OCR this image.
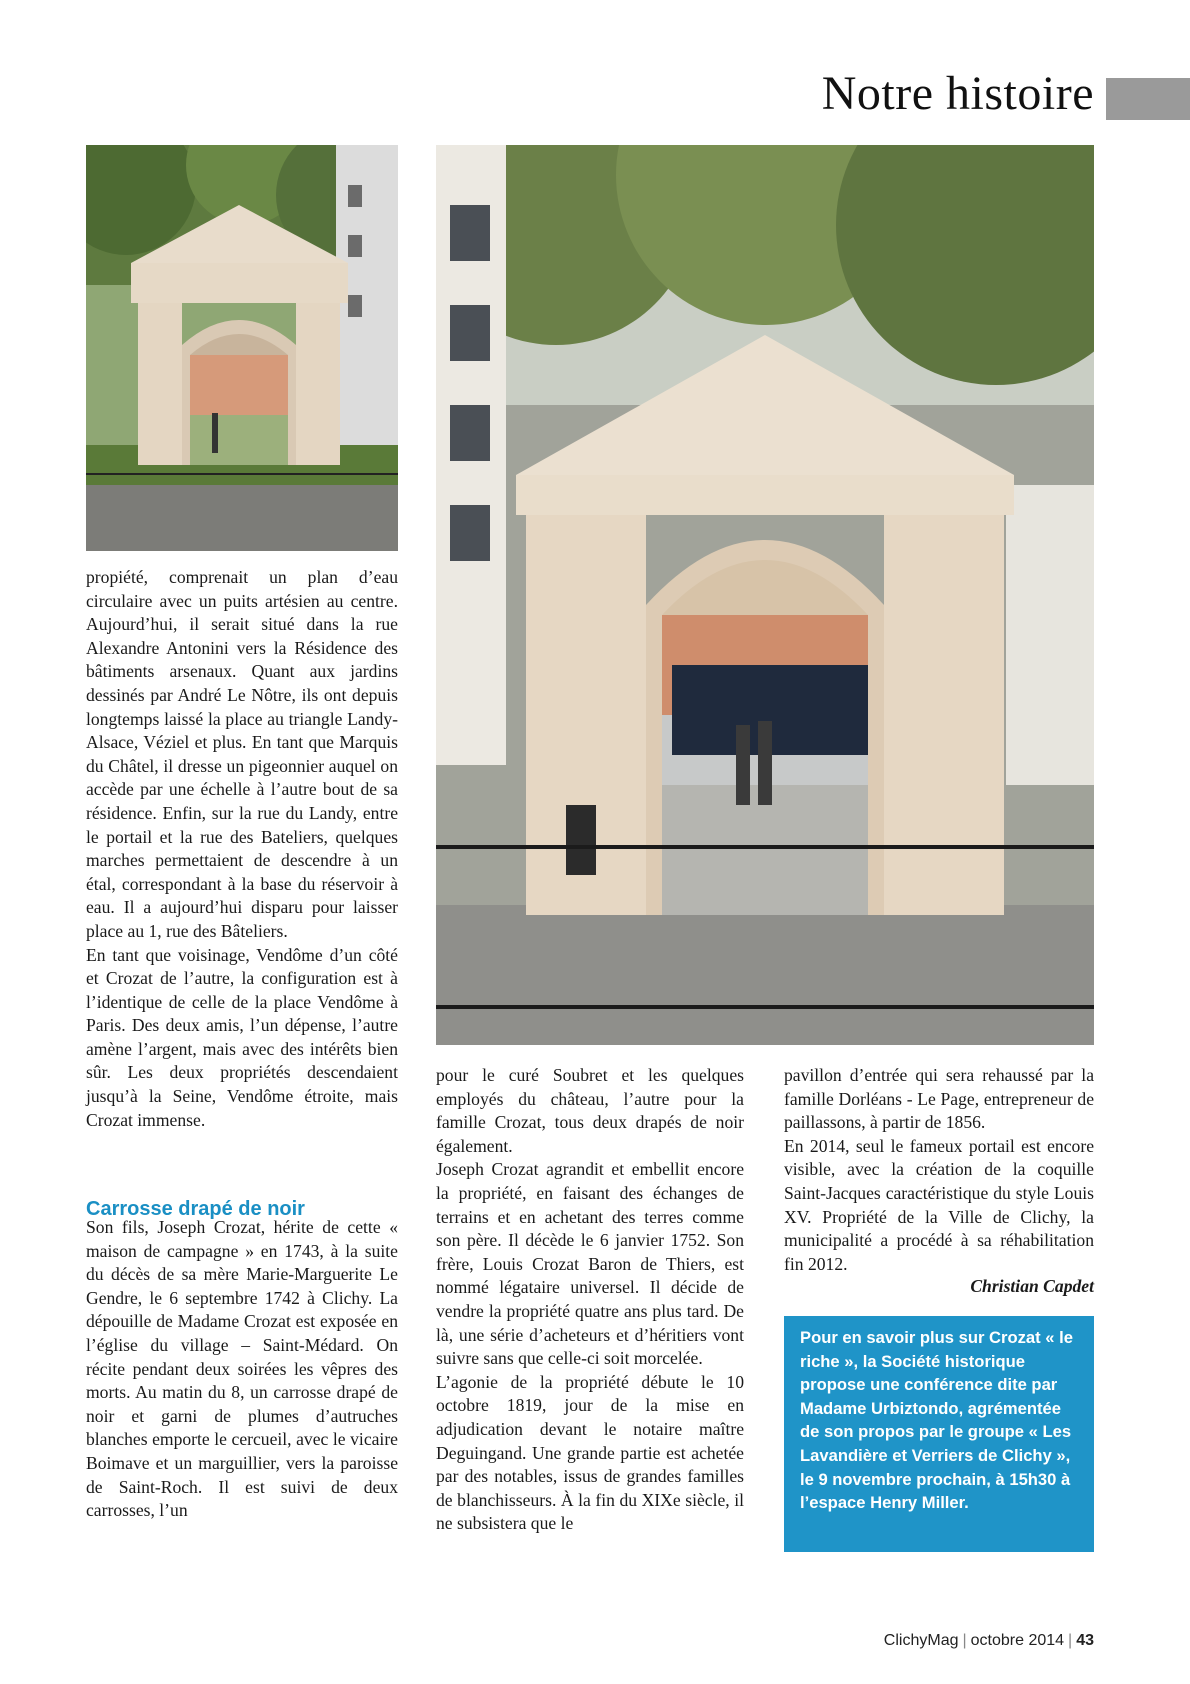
Notre histoire

propiété, comprenait un plan d’eau circulaire avec un puits artésien au centre. Aujourd’hui, il serait situé dans la rue Alexandre Antonini vers la Résidence des bâtiments arsenaux. Quant aux jardins dessinés par André Le Nôtre, ils ont depuis longtemps laissé la place au triangle Landy-Alsace, Véziel et plus. En tant que Marquis du Châtel, il dresse un pigeonnier auquel on accède par une échelle à l’autre bout de sa résidence. Enfin, sur la rue du Landy, entre le portail et la rue des Bateliers, quelques marches permettaient de descendre à un étal, correspondant à la base du réservoir à eau. Il a aujourd’hui disparu pour laisser place au 1, rue des Bâteliers.

En tant que voisinage, Vendôme d’un côté et Crozat de l’autre, la configuration est à l’identique de celle de la place Vendôme à Paris. Des deux amis, l’un dépense, l’autre amène l’argent, mais avec des intérêts bien sûr. Les deux propriétés descendaient jusqu’à la Seine, Vendôme étroite, mais Crozat immense.

Carrosse drapé de noir

Son fils, Joseph Crozat, hérite de cette « maison de campagne » en 1743, à la suite du décès de sa mère Marie-Marguerite Le Gendre, le 6 septembre 1742 à Clichy. La dépouille de Madame Crozat est exposée en l’église du village – Saint-Médard. On récite pendant deux soirées les vêpres des morts. Au matin du 8, un carrosse drapé de noir et garni de plumes d’autruches blanches emporte le cercueil, avec le vicaire Boimave et un marguillier, vers la paroisse de Saint-Roch. Il est suivi de deux carrosses, l’un

pour le curé Soubret et les quelques employés du château, l’autre pour la famille Crozat, tous deux drapés de noir également.

Joseph Crozat agrandit et embellit encore la propriété, en faisant des échanges de terrains et en achetant des terres comme son père. Il décède le 6 janvier 1752. Son frère, Louis Crozat Baron de Thiers, est nommé légataire universel. Il décide de vendre la propriété quatre ans plus tard. De là, une série d’acheteurs et d’héritiers vont suivre sans que celle-ci soit morcelée.

L’agonie de la propriété débute le 10 octobre 1819, jour de la mise en adjudication devant le notaire maître Deguingand. Une grande partie est achetée par des notables, issus de grandes familles de blanchisseurs. À la fin du XIXe siècle, il ne subsistera que le

pavillon d’entrée qui sera rehaussé par la famille Dorléans - Le Page, entrepreneur de paillassons, à partir de 1856.

En 2014, seul le fameux portail est encore visible, avec la création de la coquille Saint-Jacques caractéristique du style Louis XV. Propriété de la Ville de Clichy, la municipalité a procédé à sa réhabilitation fin 2012.

Christian Capdet
Pour en savoir plus sur Crozat « le riche », la Société historique propose une conférence dite par Madame Urbiztondo, agrémentée de son propos par le groupe « Les Lavandière et Verriers de Clichy », le 9 novembre prochain, à 15h30 à l’espace Henry Miller.
ClichyMag | octobre 2014 | 43
